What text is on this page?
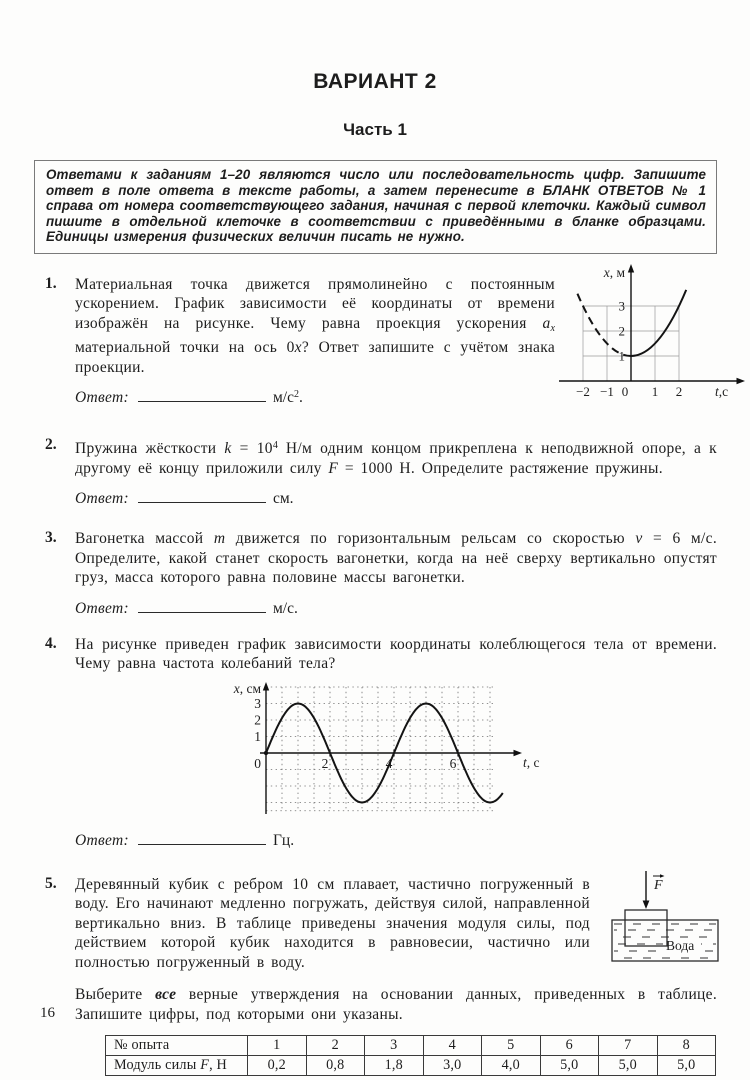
ВАРИАНТ 2
Часть 1
Ответами к заданиям 1–20 являются число или последовательность цифр. Запишите ответ в поле ответа в тексте работы, а затем перенесите в БЛАНК ОТВЕТОВ № 1 справа от номера соответствующего задания, начиная с первой клеточки. Каждый символ пишите в отдельной клеточке в соответствии с приведёнными в бланке образцами. Единицы измерения физических величин писать не нужно.
1. Материальная точка движется прямолинейно с постоянным ускорением. График зависимости её координаты от времени изображён на рисунке. Чему равна проекция ускорения $a_x$ материальной точки на ось 0x? Ответ запишите с учётом знака проекции.
1
2
3
−2 −1 0 1 2
x, м
t,c
Ответ:	$м/с^2$.
2. Пружина жёсткости $k = 10^4$ Н/м одним концом прикреплена к неподвижной опоре, а к другому её концу приложили силу F = 1000 Н. Определите растяжение пружины.
Ответ:	см.
3. Вагонетка массой m движется по горизонтальным рельсам со скоростью v = 6 м/с. Определите, какой станет скорость вагонетки, когда на неё сверху вертикально опустят груз, масса которого равна половине массы вагонетки.
Ответ:	м/с.
4. На рисунке приведен график зависимости координаты колеблющегося тела от времени. Чему равна частота колебаний тела?
2	4	6
1
2
3
0
x, см
t, с
Ответ:	Гц.
5. Деревянный кубик с ребром 10 см плавает, частично погруженный в воду. Его начинают медленно погружать, действуя силой, направленной вертикально вниз. В таблице приведены значения модуля силы, под действием которой кубик находится в равновесии, частично или полностью погруженный в воду.
Вода
F
Выберите все верные утверждения на основании данных, приведенных в таблице. Запишите цифры, под которыми они указаны.
№ опыта	1	2	3	4	5	6	7	8
Модуль силы F, Н	0,2	0,8	1,8	3,0	4,0	5,0	5,0	5,0
16
